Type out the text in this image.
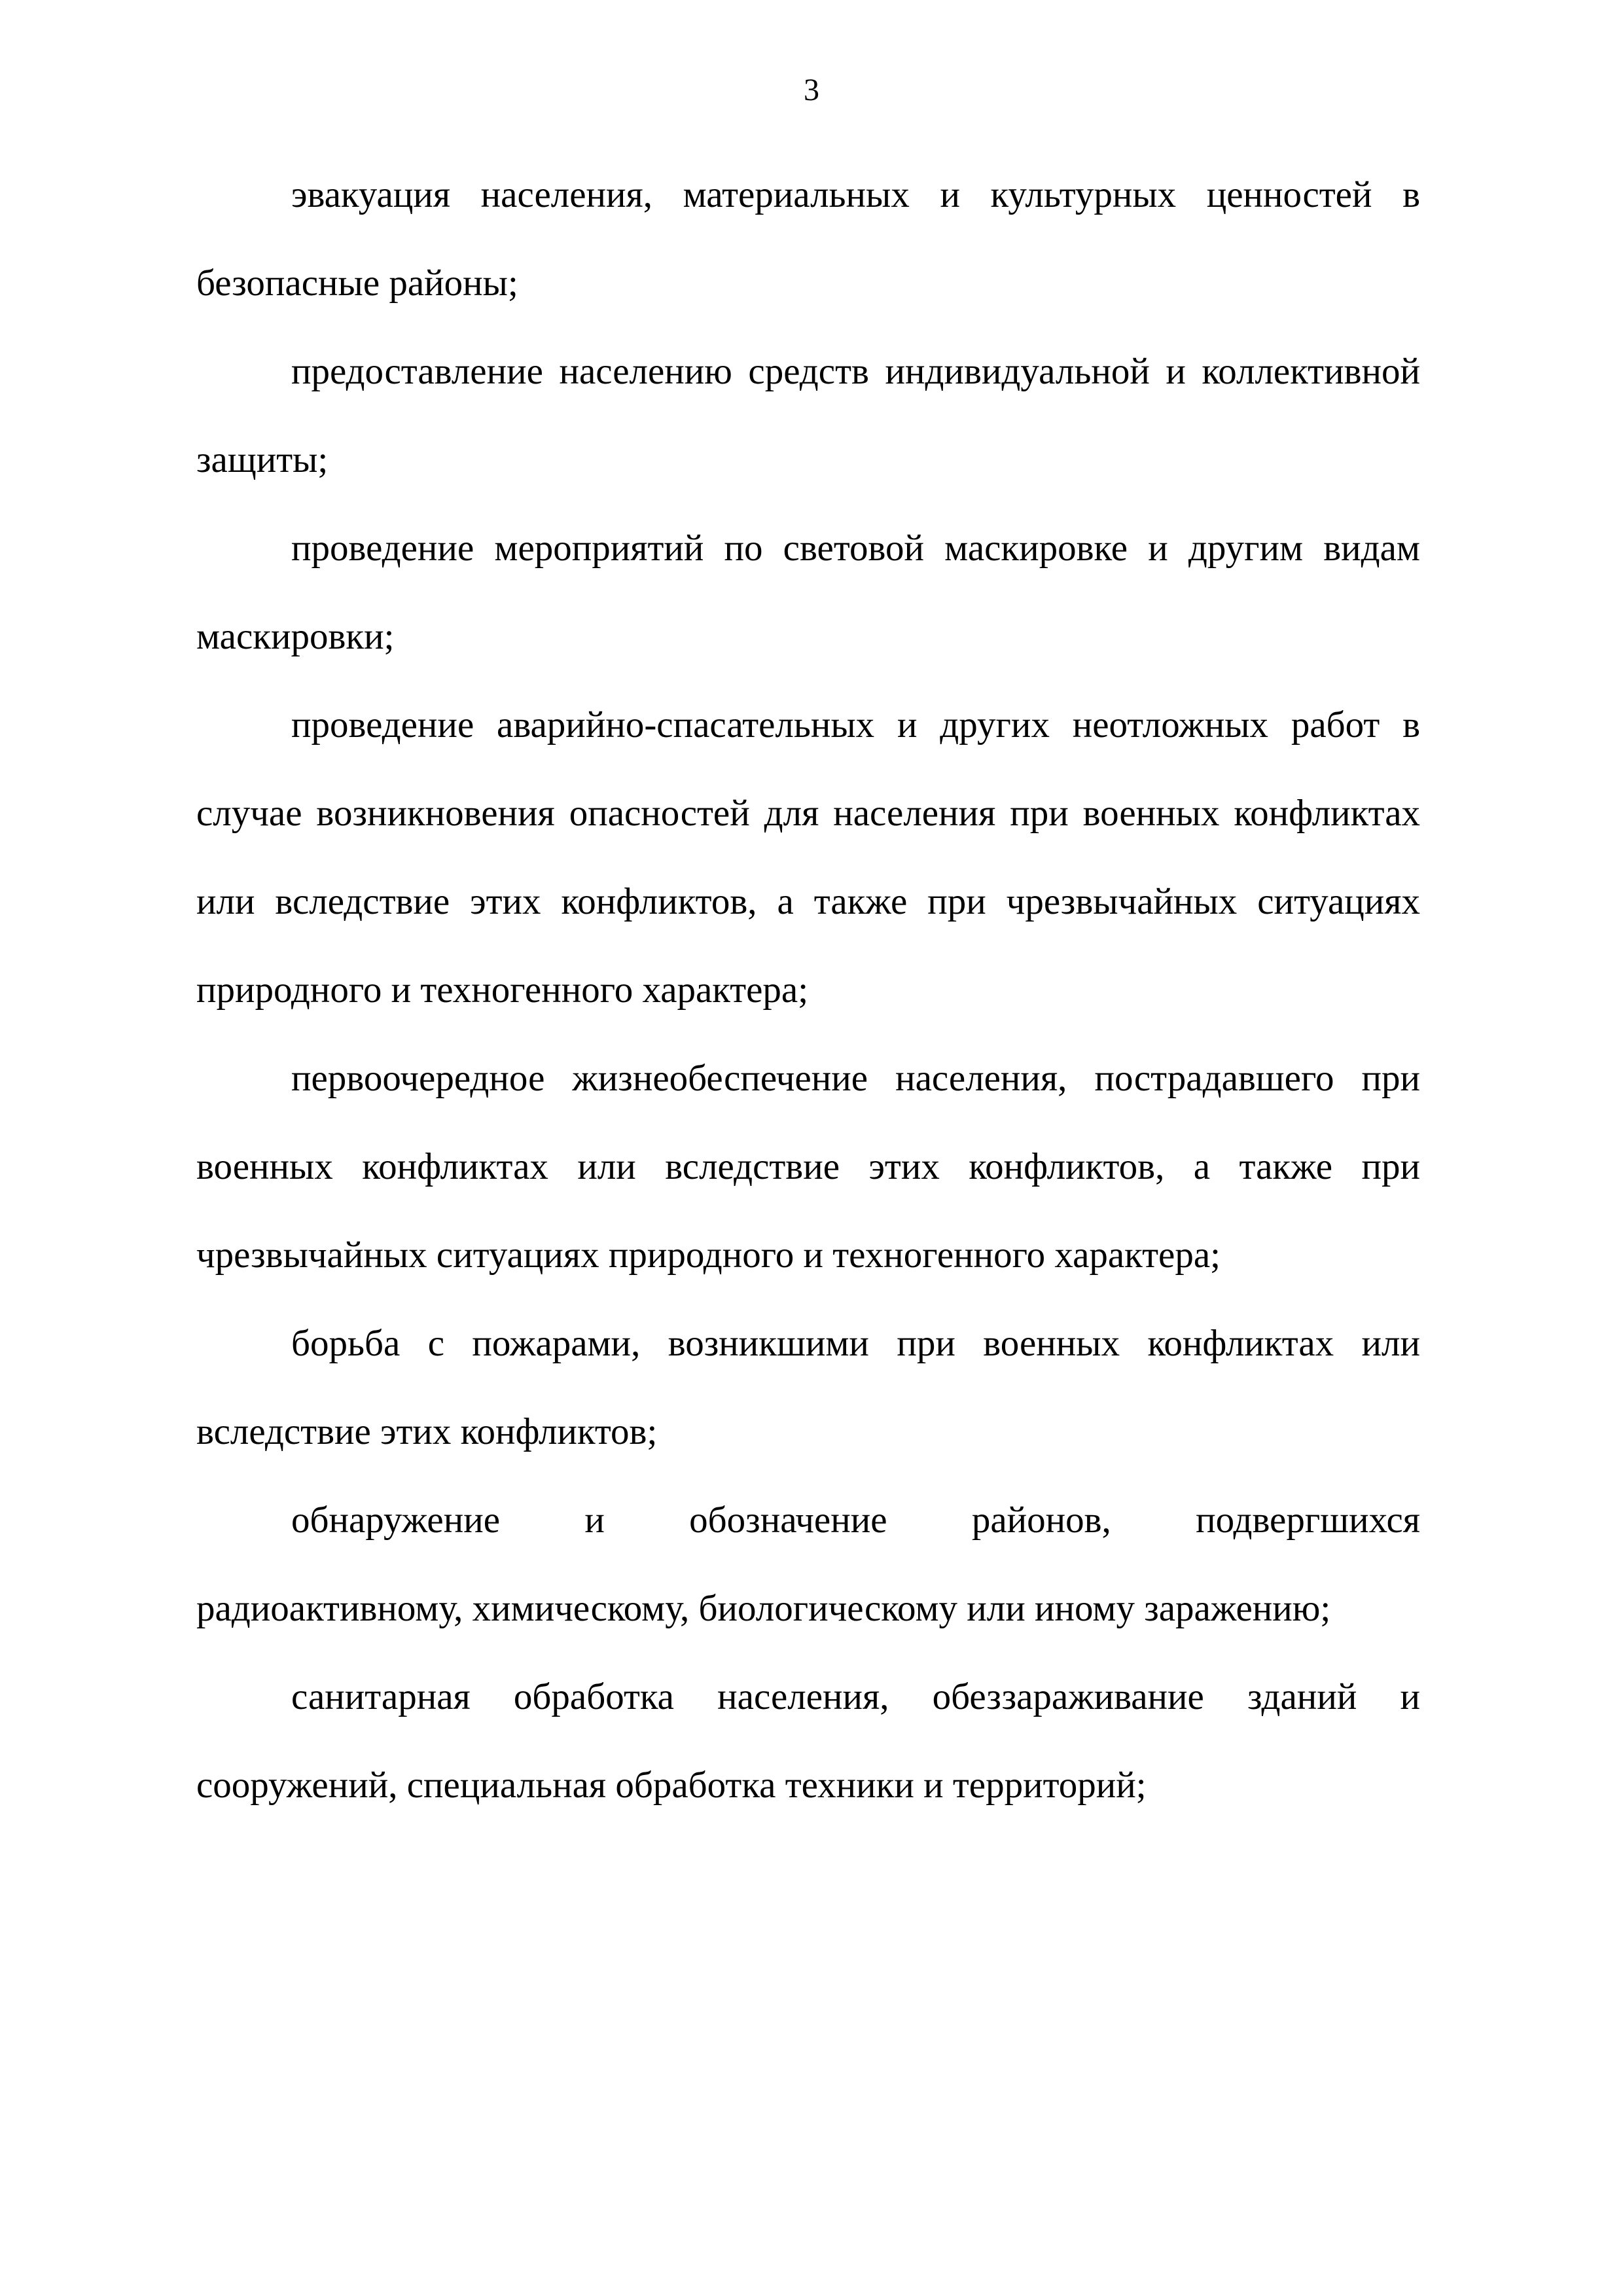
3
эвакуация населения, материальных и культурных ценностей в
безопасные районы;
предоставление населению средств индивидуальной и коллективной
защиты;
проведение мероприятий по световой маскировке и другим видам
маскировки;
проведение аварийно-спасательных и других неотложных работ в
случае возникновения опасностей для населения при военных конфликтах
или вследствие этих конфликтов, а также при чрезвычайных ситуациях
природного и техногенного характера;
первоочередное жизнеобеспечение населения, пострадавшего при
военных конфликтах или вследствие этих конфликтов, а также при
чрезвычайных ситуациях природного и техногенного характера;
борьба с пожарами, возникшими при военных конфликтах или
вследствие этих конфликтов;
обнаружение и обозначение районов, подвергшихся
радиоактивному, химическому, биологическому или иному заражению;
санитарная обработка населения, обеззараживание зданий и
сооружений, специальная обработка техники и территорий;
